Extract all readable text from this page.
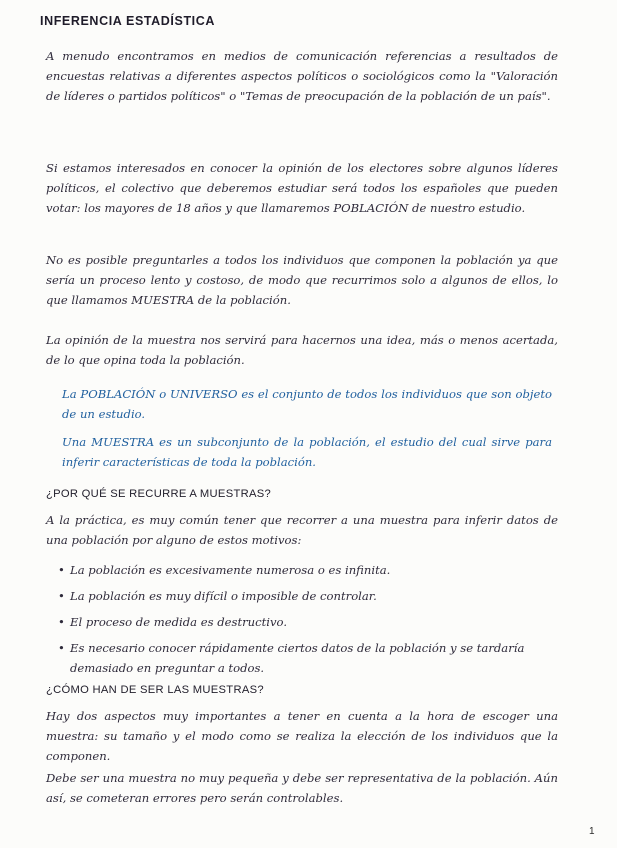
INFERENCIA ESTADÍSTICA

A menudo encontramos en medios de comunicación referencias a resultados de encuestas relativas a diferentes aspectos políticos o sociológicos como la "Valoración de líderes o partidos políticos" o "Temas de preocupación de la población de un país".

Si estamos interesados en conocer la opinión de los electores sobre algunos líderes políticos, el colectivo que deberemos estudiar será todos los españoles que pueden votar: los mayores de 18 años y que llamaremos POBLACIÓN de nuestro estudio.

No es posible preguntarles a todos los individuos que componen la población ya que sería un proceso lento y costoso, de modo que recurrimos solo a algunos de ellos, lo que llamamos MUESTRA de la población.

La opinión de la muestra nos servirá para hacernos una idea, más o menos acertada, de lo que opina toda la población.

La POBLACIÓN o UNIVERSO es el conjunto de todos los individuos que son objeto de un estudio.

Una MUESTRA es un subconjunto de la población, el estudio del cual sirve para inferir características de toda la población.

¿POR QUÉ SE RECURRE A MUESTRAS?

A la práctica, es muy común tener que recorrer a una muestra para inferir datos de una población por alguno de estos motivos:

• La población es excesivamente numerosa o es infinita.
• La población es muy difícil o imposible de controlar.
• El proceso de medida es destructivo.
• Es necesario conocer rápidamente ciertos datos de la población y se tardaría demasiado en preguntar a todos.
¿CÓMO HAN DE SER LAS MUESTRAS?

Hay dos aspectos muy importantes a tener en cuenta a la hora de escoger una muestra: su tamaño y el modo como se realiza la elección de los individuos que la componen.

Debe ser una muestra no muy pequeña y debe ser representativa de la población. Aún así, se cometeran errores pero serán controlables.

1
